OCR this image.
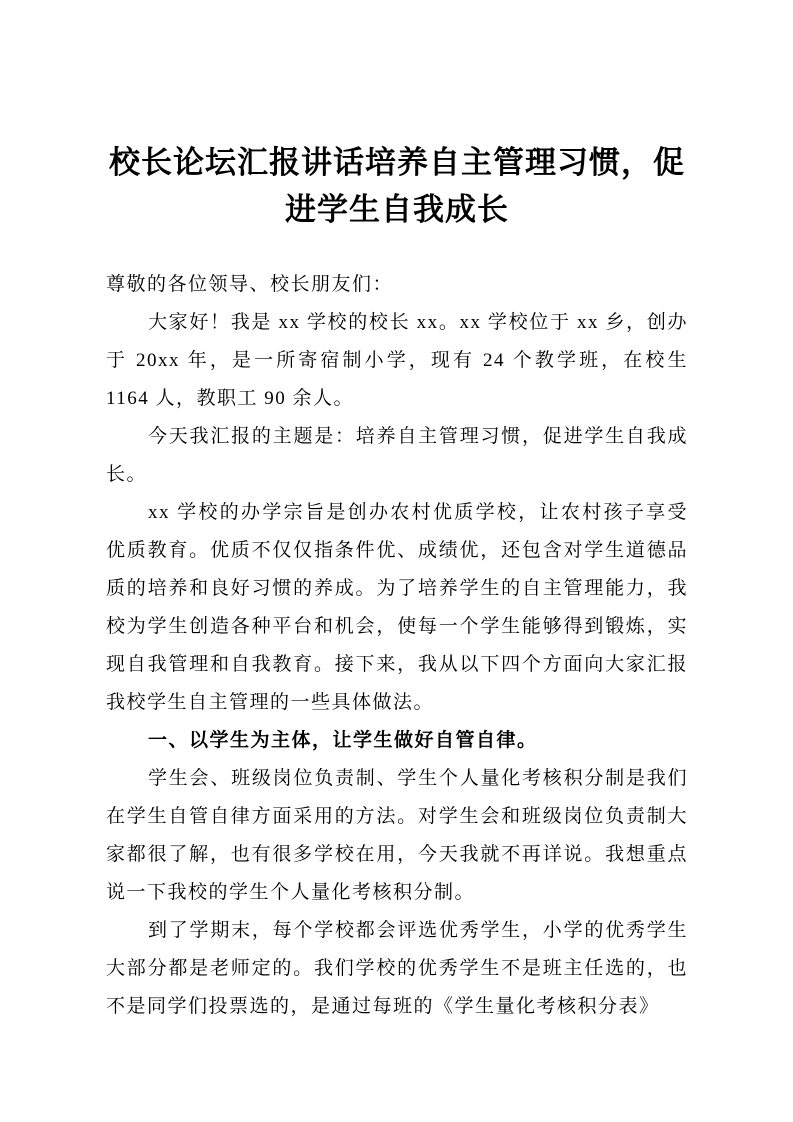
校长论坛汇报讲话培养自主管理习惯，促进学生自我成长

尊敬的各位领导、校长朋友们：

大家好！我是 xx 学校的校长 xx。xx 学校位于 xx 乡，创办于 20xx 年，是一所寄宿制小学，现有 24 个教学班，在校生 1164 人，教职工 90 余人。

今天我汇报的主题是：培养自主管理习惯，促进学生自我成长。

xx 学校的办学宗旨是创办农村优质学校，让农村孩子享受优质教育。优质不仅仅指条件优、成绩优，还包含对学生道德品质的培养和良好习惯的养成。为了培养学生的自主管理能力，我校为学生创造各种平台和机会，使每一个学生能够得到锻炼，实现自我管理和自我教育。接下来，我从以下四个方面向大家汇报我校学生自主管理的一些具体做法。

一、以学生为主体，让学生做好自管自律。

学生会、班级岗位负责制、学生个人量化考核积分制是我们在学生自管自律方面采用的方法。对学生会和班级岗位负责制大家都很了解，也有很多学校在用，今天我就不再详说。我想重点说一下我校的学生个人量化考核积分制。

到了学期末，每个学校都会评选优秀学生，小学的优秀学生大部分都是老师定的。我们学校的优秀学生不是班主任选的，也不是同学们投票选的，是通过每班的《学生量化考核积分表》
